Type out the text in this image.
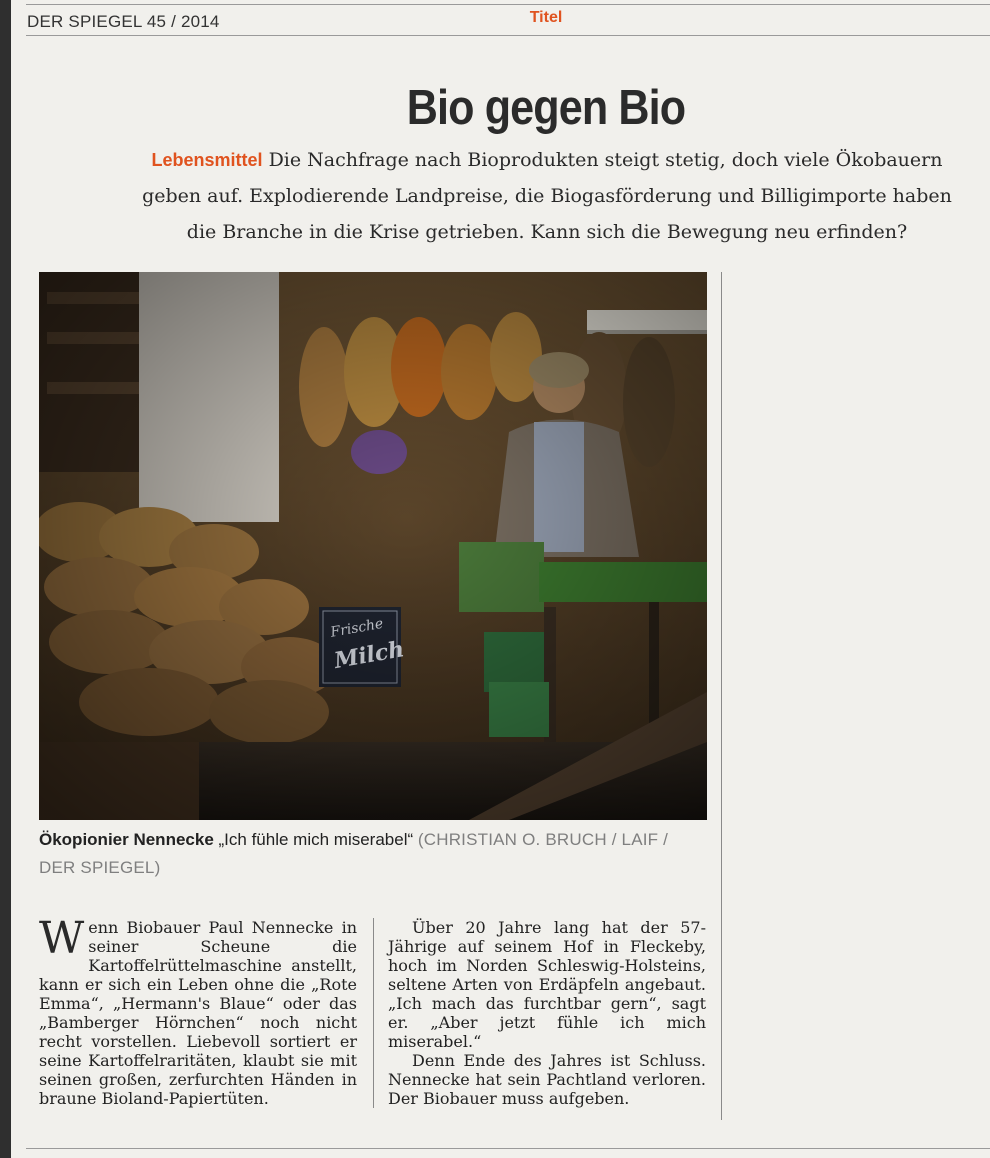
DER SPIEGEL 45 / 2014	Titel
Bio gegen Bio
Lebensmittel Die Nachfrage nach Bioprodukten steigt stetig, doch viele Ökobauern geben auf. Explodierende Landpreise, die Biogasförderung und Billigimporte haben die Branche in die Krise getrieben. Kann sich die Bewegung neu erfinden?
Ökopionier Nennecke „Ich fühle mich miserabel“ (CHRISTIAN O. BRUCH / LAIF / DER SPIEGEL)
Wenn Biobauer Paul Nennecke in seiner Scheune die Kartoffelrüttelmaschine anstellt, kann er sich ein Leben ohne die „Rote Emma“, „Hermann's Blaue“ oder das „Bamberger Hörnchen“ noch nicht recht vorstellen. Liebevoll sortiert er seine Kartoffelraritäten, klaubt sie mit seinen großen, zerfurchten Händen in braune Bioland-Papiertüten.

Über 20 Jahre lang hat der 57-Jährige auf seinem Hof in Fleckeby, hoch im Norden Schleswig-Holsteins, seltene Arten von Erdäpfeln angebaut. „Ich mach das furchtbar gern“, sagt er. „Aber jetzt fühle ich mich miserabel.“

Denn Ende des Jahres ist Schluss. Nennecke hat sein Pachtland verloren. Der Biobauer muss aufgeben.
